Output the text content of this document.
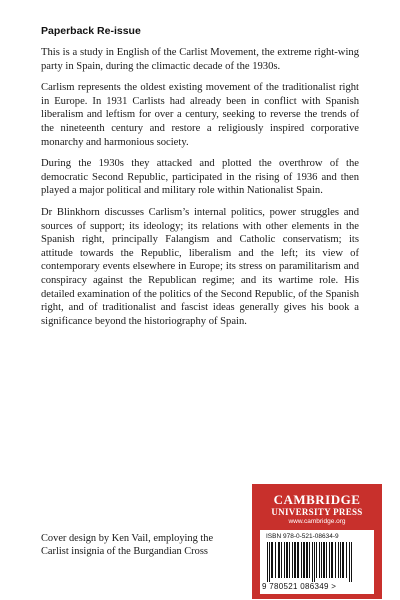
Paperback Re-issue

This is a study in English of the Carlist Movement, the extreme right-wing party in Spain, during the climactic decade of the 1930s.

Carlism represents the oldest existing movement of the traditionalist right in Europe. In 1931 Carlists had already been in conflict with Spanish liberalism and leftism for over a century, seeking to reverse the trends of the nineteenth century and restore a religiously inspired corporative monarchy and harmonious society.

During the 1930s they attacked and plotted the overthrow of the democratic Second Republic, participated in the rising of 1936 and then played a major political and military role within Nationalist Spain.

Dr Blinkhorn discusses Carlism’s internal politics, power struggles and sources of support; its ideology; its relations with other elements in the Spanish right, principally Falangism and Catholic conservatism; its attitude towards the Republic, liberalism and the left; its view of contemporary events elsewhere in Europe; its stress on paramilitarism and conspiracy against the Republican regime; and its wartime role. His detailed examination of the politics of the Second Republic, of the Spanish right, and of traditionalist and fascist ideas generally gives his book a significance beyond the historiography of Spain.

CAMBRIDGE
UNIVERSITY PRESS
www.cambridge.org
ISBN 978-0-521-08634-9
9 780521 086349 >
Cover design by Ken Vail, employing the Carlist insignia of the Burgandian Cross
